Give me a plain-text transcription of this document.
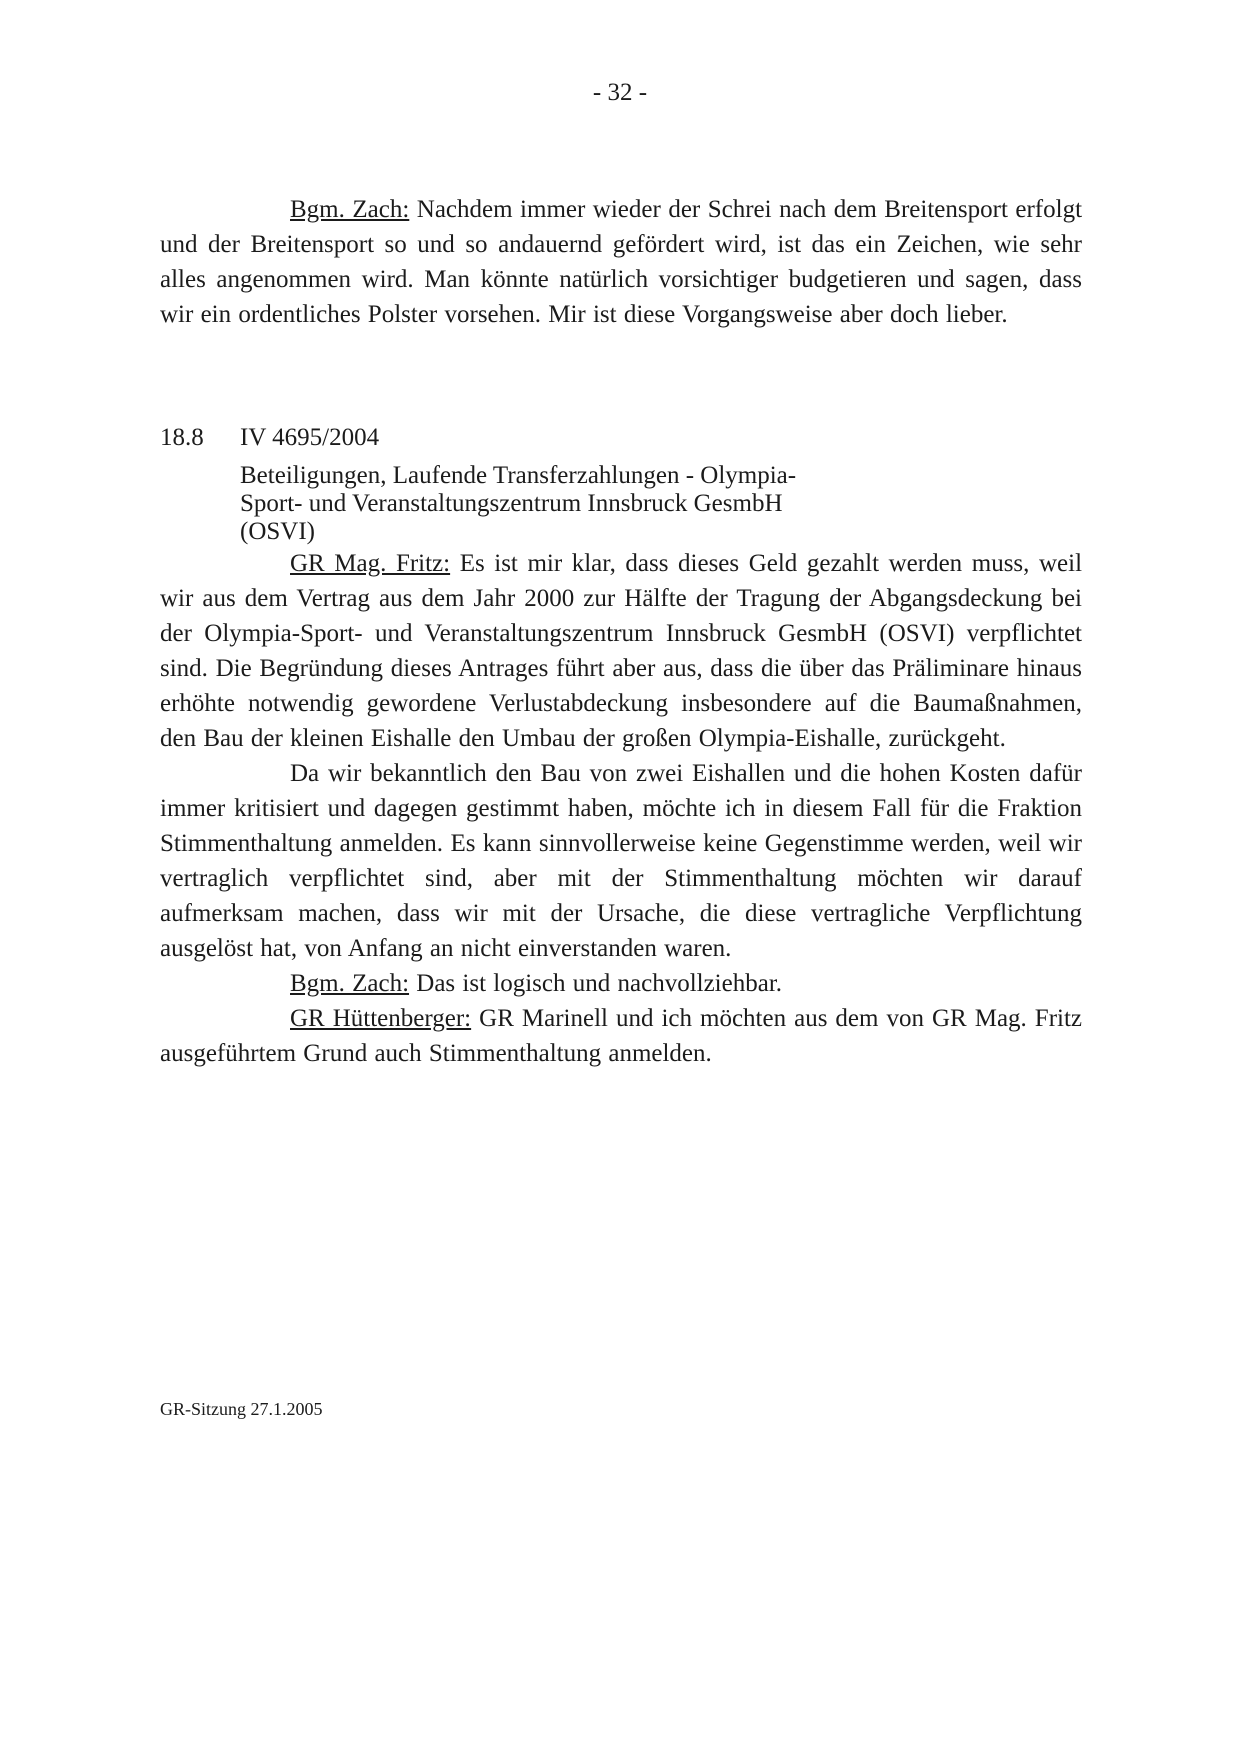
- 32 -

Bgm. Zach: Nachdem immer wieder der Schrei nach dem Breitensport erfolgt und der Breitensport so und so andauernd gefördert wird, ist das ein Zeichen, wie sehr alles angenommen wird. Man könnte natürlich vorsichtiger budgetieren und sagen, dass wir ein ordentliches Polster vorsehen. Mir ist diese Vorgangsweise aber doch lieber.

18.8	IV 4695/2004
Beteiligungen, Laufende Transferzahlungen - Olympia-Sport- und Veranstaltungszentrum Innsbruck GesmbH (OSVI)

GR Mag. Fritz: Es ist mir klar, dass dieses Geld gezahlt werden muss, weil wir aus dem Vertrag aus dem Jahr 2000 zur Hälfte der Tragung der Abgangsdeckung bei der Olympia-Sport- und Veranstaltungszentrum Innsbruck GesmbH (OSVI) verpflichtet sind. Die Begründung dieses Antrages führt aber aus, dass die über das Präliminare hinaus erhöhte notwendig gewordene Verlustabdeckung insbesondere auf die Baumaßnahmen, den Bau der kleinen Eishalle den Umbau der großen Olympia-Eishalle, zurückgeht.

Da wir bekanntlich den Bau von zwei Eishallen und die hohen Kosten dafür immer kritisiert und dagegen gestimmt haben, möchte ich in diesem Fall für die Fraktion Stimmenthaltung anmelden. Es kann sinnvollerweise keine Gegenstimme werden, weil wir vertraglich verpflichtet sind, aber mit der Stimmenthaltung möchten wir darauf aufmerksam machen, dass wir mit der Ursache, die diese vertragliche Verpflichtung ausgelöst hat, von Anfang an nicht einverstanden waren.

Bgm. Zach: Das ist logisch und nachvollziehbar.

GR Hüttenberger: GR Marinell und ich möchten aus dem von GR Mag. Fritz ausgeführtem Grund auch Stimmenthaltung anmelden.

GR-Sitzung 27.1.2005
